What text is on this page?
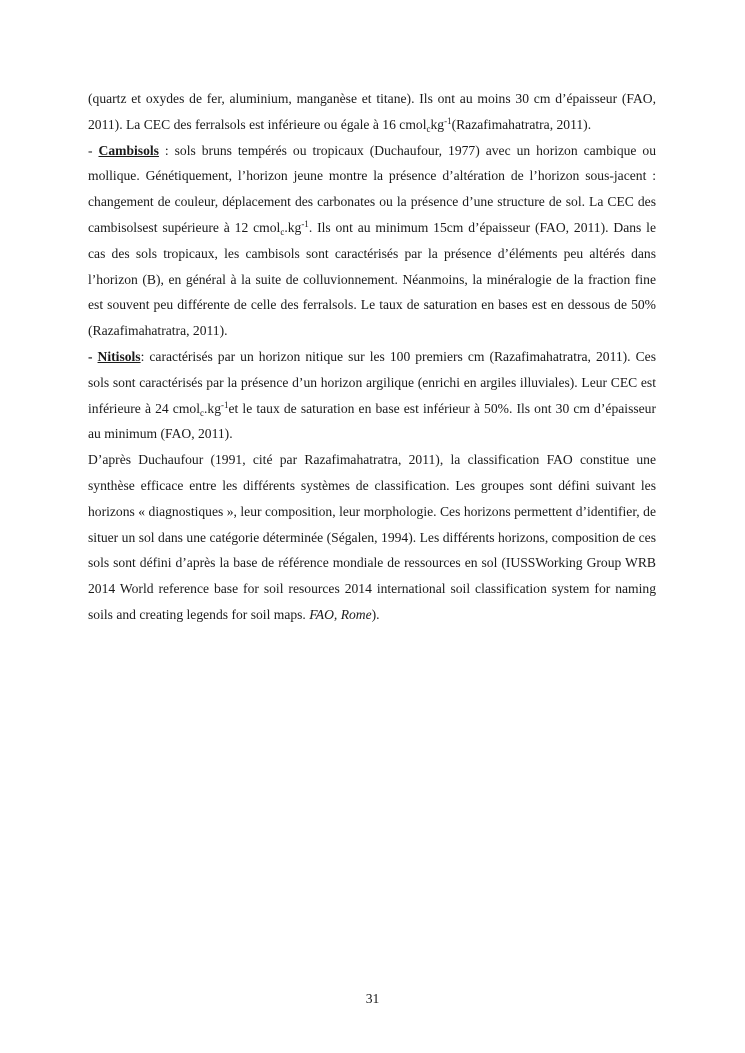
(quartz et oxydes de fer, aluminium, manganèse et titane). Ils ont au moins 30 cm d’épaisseur (FAO, 2011). La CEC des ferralsols est inférieure ou égale à 16 $cmol_ckg^{-1}(Razafimahatratra$, 2011).

- Cambisols : sols bruns tempérés ou tropicaux (Duchaufour, 1977) avec un horizon cambique ou mollique. Génétiquement, l’horizon jeune montre la présence d’altération de l’horizon sous-jacent : changement de couleur, déplacement des carbonates ou la présence d’une structure de sol. La CEC des cambisolsest supérieure à 12 $cmol_c.kg^{-1}$. Ils ont au minimum 15cm d’épaisseur (FAO, 2011). Dans le cas des sols tropicaux, les cambisols sont caractérisés par la présence d’éléments peu altérés dans l’horizon (B), en général à la suite de colluvionnement. Néanmoins, la minéralogie de la fraction fine est souvent peu différente de celle des ferralsols. Le taux de saturation en bases est en dessous de 50% (Razafimahatratra, 2011).

- Nitisols: caractérisés par un horizon nitique sur les 100 premiers cm (Razafimahatratra, 2011). Ces sols sont caractérisés par la présence d’un horizon argilique (enrichi en argiles illuviales). Leur CEC est inférieure à 24 $cmol_c.kg^{-1}et$ le taux de saturation en base est inférieur à 50%. Ils ont 30 cm d’épaisseur au minimum (FAO, 2011).

D’après Duchaufour (1991, cité par Razafimahatratra, 2011), la classification FAO constitue une synthèse efficace entre les différents systèmes de classification. Les groupes sont défini suivant les horizons « diagnostiques », leur composition, leur morphologie. Ces horizons permettent d’identifier, de situer un sol dans une catégorie déterminée (Ségalen, 1994). Les différents horizons, composition de ces sols sont défini d’après la base de référence mondiale de ressources en sol (IUSSWorking Group WRB 2014 World reference base for soil resources 2014 international soil classification system for naming soils and creating legends for soil maps. FAO, Rome).

31
